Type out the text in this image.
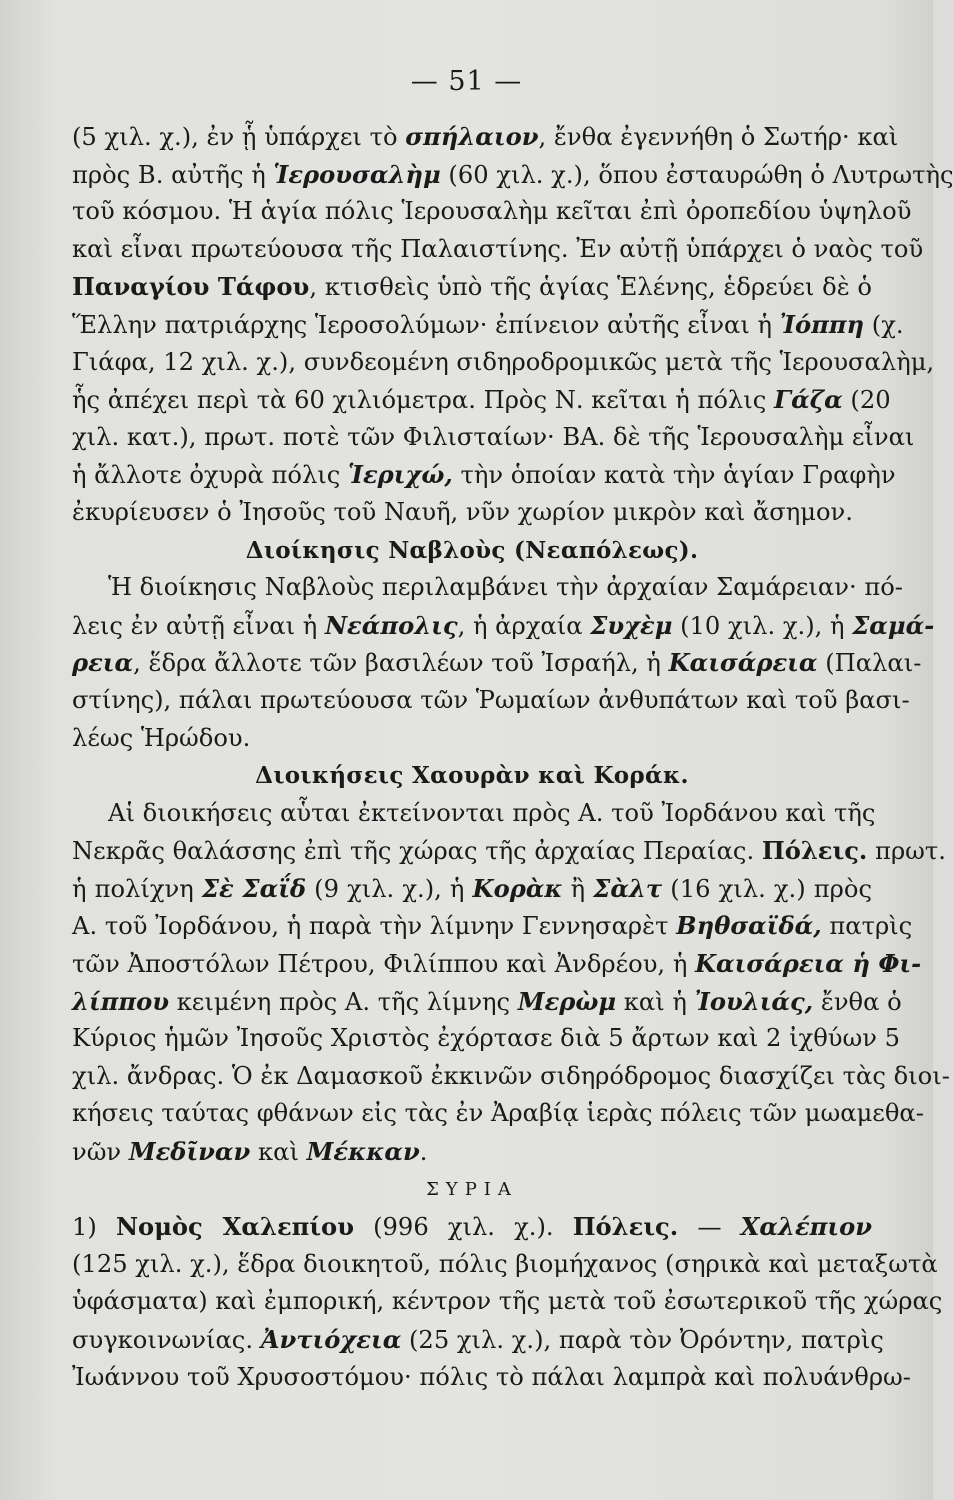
— 51 —
(5 χιλ. χ.), ἐν ᾗ ὑπάρχει τὸ σπήλαιον, ἔνθα ἐγεννήθη ὁ Σωτήρ· καὶ
πρὸς Β. αὐτῆς ἡ Ἱερουσαλὴμ (60 χιλ. χ.), ὅπου ἐσταυρώθη ὁ Λυτρωτὴς
τοῦ κόσμου. Ἡ ἁγία πόλις Ἱερουσαλὴμ κεῖται ἐπὶ ὀροπεδίου ὑψηλοῦ
καὶ εἶναι πρωτεύουσα τῆς Παλαιστίνης. Ἐν αὐτῇ ὑπάρχει ὁ ναὸς τοῦ
Παναγίου Τάφου, κτισθεὶς ὑπὸ τῆς ἁγίας Ἑλένης, ἑδρεύει δὲ ὁ
Ἕλλην πατριάρχης Ἱεροσολύμων· ἐπίνειον αὐτῆς εἶναι ἡ Ἰόππη (χ.
Γιάφα, 12 χιλ. χ.), συνδεομένη σιδηροδρομικῶς μετὰ τῆς Ἱερουσαλὴμ,
ἧς ἀπέχει περὶ τὰ 60 χιλιόμετρα. Πρὸς Ν. κεῖται ἡ πόλις Γάζα (20
χιλ. κατ.), πρωτ. ποτὲ τῶν Φιλισταίων· ΒΑ. δὲ τῆς Ἱερουσαλὴμ εἶναι
ἡ ἄλλοτε ὀχυρὰ πόλις Ἱεριχώ, τὴν ὁποίαν κατὰ τὴν ἁγίαν Γραφὴν
ἐκυρίευσεν ὁ Ἰησοῦς τοῦ Ναυῆ, νῦν χωρίον μικρὸν καὶ ἄσημον.
Διοίκησις Ναβλοὺς (Νεαπόλεως).
Ἡ διοίκησις Ναβλοὺς περιλαμβάνει τὴν ἀρχαίαν Σαμάρειαν· πό-
λεις ἐν αὐτῇ εἶναι ἡ Νεάπολις, ἡ ἀρχαία Συχὲμ (10 χιλ. χ.), ἡ Σαμά-
ρεια, ἕδρα ἄλλοτε τῶν βασιλέων τοῦ Ἰσραήλ, ἡ Καισάρεια (Παλαι-
στίνης), πάλαι πρωτεύουσα τῶν Ῥωμαίων ἀνθυπάτων καὶ τοῦ βασι-
λέως Ἡρώδου.
Διοικήσεις Χαουρὰν καὶ Κοράκ.
Αἱ διοικήσεις αὗται ἐκτείνονται πρὸς Α. τοῦ Ἰορδάνου καὶ τῆς
Νεκρᾶς θαλάσσης ἐπὶ τῆς χώρας τῆς ἀρχαίας Περαίας. Πόλεις. πρωτ.
ἡ πολίχνη Σὲ Σαΐδ (9 χιλ. χ.), ἡ Κορὰκ ἢ Σὰλτ (16 χιλ. χ.) πρὸς
Α. τοῦ Ἰορδάνου, ἡ παρὰ τὴν λίμνην Γεννησαρὲτ Βηθσαϊδά, πατρὶς
τῶν Ἀποστόλων Πέτρου, Φιλίππου καὶ Ἀνδρέου, ἡ Καισάρεια ἡ Φι-
λίππου κειμένη πρὸς Α. τῆς λίμνης Μερὼμ καὶ ἡ Ἰουλιάς, ἔνθα ὁ
Κύριος ἡμῶν Ἰησοῦς Χριστὸς ἐχόρτασε διὰ 5 ἄρτων καὶ 2 ἰχθύων 5
χιλ. ἄνδρας. Ὁ ἐκ Δαμασκοῦ ἐκκινῶν σιδηρόδρομος διασχίζει τὰς διοι-
κήσεις ταύτας φθάνων εἰς τὰς ἐν Ἀραβίᾳ ἱερὰς πόλεις τῶν μωαμεθα-
νῶν Μεδῖναν καὶ Μέκκαν.
ΣΥΡΙΑ
1) Νομὸς Χαλεπίου (996 χιλ. χ.). Πόλεις. — Χαλέπιον
(125 χιλ. χ.), ἕδρα διοικητοῦ, πόλις βιομήχανος (σηρικὰ καὶ μεταξωτὰ
ὑφάσματα) καὶ ἐμπορική, κέντρον τῆς μετὰ τοῦ ἐσωτερικοῦ τῆς χώρας
συγκοινωνίας. Ἀντιόχεια (25 χιλ. χ.), παρὰ τὸν Ὀρόντην, πατρὶς
Ἰωάννου τοῦ Χρυσοστόμου· πόλις τὸ πάλαι λαμπρὰ καὶ πολυάνθρω-
